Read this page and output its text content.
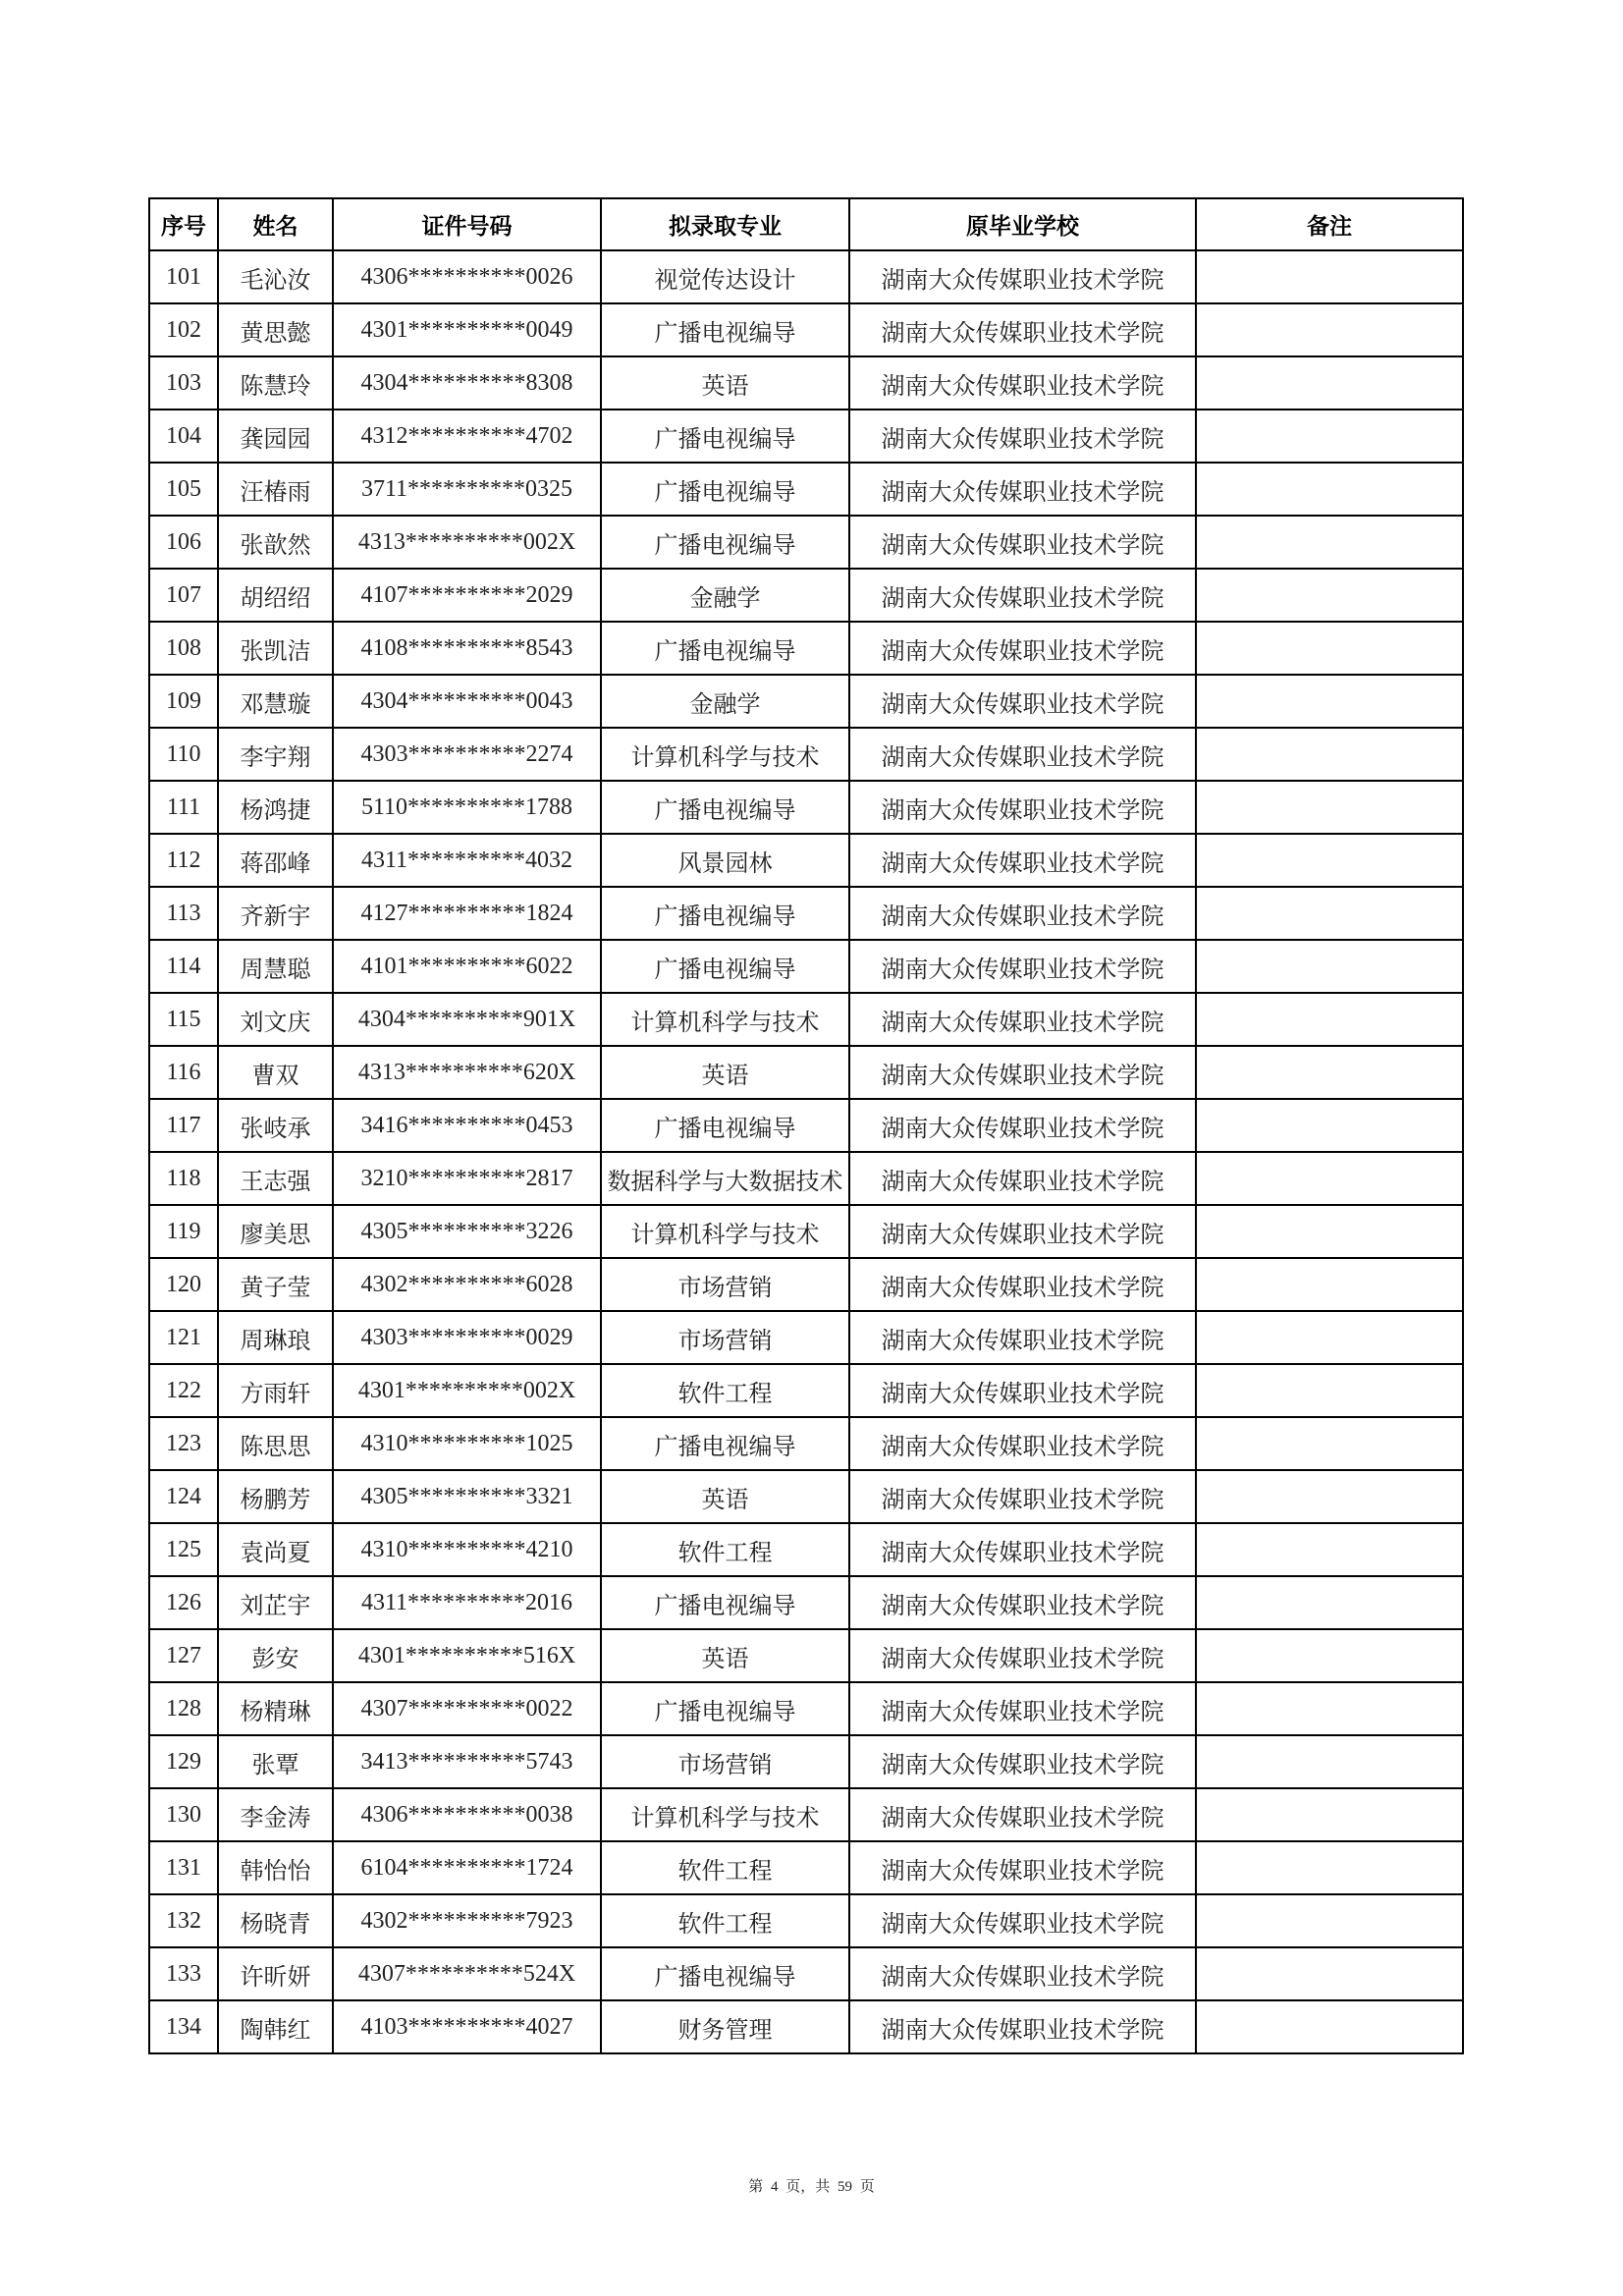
序号	姓名	证件号码	拟录取专业	原毕业学校	备注
101	毛沁汝	4306**********0026	视觉传达设计	湖南大众传媒职业技术学院	
102	黄思懿	4301**********0049	广播电视编导	湖南大众传媒职业技术学院	
103	陈慧玲	4304**********8308	英语	湖南大众传媒职业技术学院	
104	龚园园	4312**********4702	广播电视编导	湖南大众传媒职业技术学院	
105	汪椿雨	3711**********0325	广播电视编导	湖南大众传媒职业技术学院	
106	张歆然	4313**********002X	广播电视编导	湖南大众传媒职业技术学院	
107	胡绍绍	4107**********2029	金融学	湖南大众传媒职业技术学院	
108	张凯洁	4108**********8543	广播电视编导	湖南大众传媒职业技术学院	
109	邓慧璇	4304**********0043	金融学	湖南大众传媒职业技术学院	
110	李宇翔	4303**********2274	计算机科学与技术	湖南大众传媒职业技术学院	
111	杨鸿捷	5110**********1788	广播电视编导	湖南大众传媒职业技术学院	
112	蒋邵峰	4311**********4032	风景园林	湖南大众传媒职业技术学院	
113	齐新宇	4127**********1824	广播电视编导	湖南大众传媒职业技术学院	
114	周慧聪	4101**********6022	广播电视编导	湖南大众传媒职业技术学院	
115	刘文庆	4304**********901X	计算机科学与技术	湖南大众传媒职业技术学院	
116	曹双	4313**********620X	英语	湖南大众传媒职业技术学院	
117	张岐承	3416**********0453	广播电视编导	湖南大众传媒职业技术学院	
118	王志强	3210**********2817	数据科学与大数据技术	湖南大众传媒职业技术学院	
119	廖美思	4305**********3226	计算机科学与技术	湖南大众传媒职业技术学院	
120	黄子莹	4302**********6028	市场营销	湖南大众传媒职业技术学院	
121	周琳琅	4303**********0029	市场营销	湖南大众传媒职业技术学院	
122	方雨轩	4301**********002X	软件工程	湖南大众传媒职业技术学院	
123	陈思思	4310**********1025	广播电视编导	湖南大众传媒职业技术学院	
124	杨鹏芳	4305**********3321	英语	湖南大众传媒职业技术学院	
125	袁尚夏	4310**********4210	软件工程	湖南大众传媒职业技术学院	
126	刘芷宇	4311**********2016	广播电视编导	湖南大众传媒职业技术学院	
127	彭安	4301**********516X	英语	湖南大众传媒职业技术学院	
128	杨精琳	4307**********0022	广播电视编导	湖南大众传媒职业技术学院	
129	张覃	3413**********5743	市场营销	湖南大众传媒职业技术学院	
130	李金涛	4306**********0038	计算机科学与技术	湖南大众传媒职业技术学院	
131	韩怡怡	6104**********1724	软件工程	湖南大众传媒职业技术学院	
132	杨晓青	4302**********7923	软件工程	湖南大众传媒职业技术学院	
133	许昕妍	4307**********524X	广播电视编导	湖南大众传媒职业技术学院	
134	陶韩红	4103**********4027	财务管理	湖南大众传媒职业技术学院	
第 4 页，共 59 页
